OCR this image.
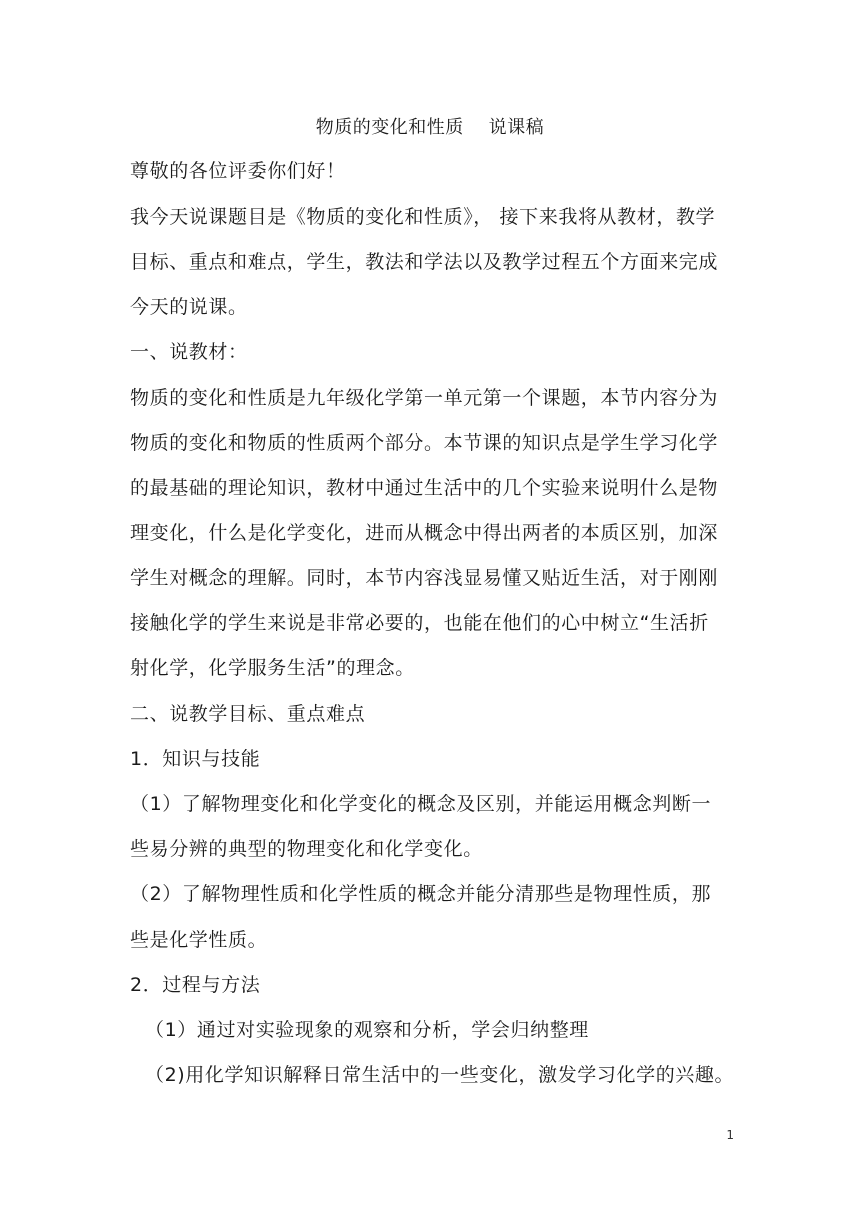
物质的变化和性质    说课稿
尊敬的各位评委你们好！
我今天说课题目是《物质的变化和性质》， 接下来我将从教材，教学
目标、重点和难点，学生，教法和学法以及教学过程五个方面来完成
今天的说课。
一、说教材：
物质的变化和性质是九年级化学第一单元第一个课题，本节内容分为
物质的变化和物质的性质两个部分。本节课的知识点是学生学习化学
的最基础的理论知识，教材中通过生活中的几个实验来说明什么是物
理变化，什么是化学变化，进而从概念中得出两者的本质区别，加深
学生对概念的理解。同时，本节内容浅显易懂又贴近生活，对于刚刚
接触化学的学生来说是非常必要的，也能在他们的心中树立“生活折
射化学，化学服务生活”的理念。
二、说教学目标、重点难点
1．知识与技能
（1）了解物理变化和化学变化的概念及区别，并能运用概念判断一
些易分辨的典型的物理变化和化学变化。
（2）了解物理性质和化学性质的概念并能分清那些是物理性质，那
些是化学性质。
2．过程与方法
（1）通过对实验现象的观察和分析，学会归纳整理
（2)用化学知识解释日常生活中的一些变化，激发学习化学的兴趣。
1
